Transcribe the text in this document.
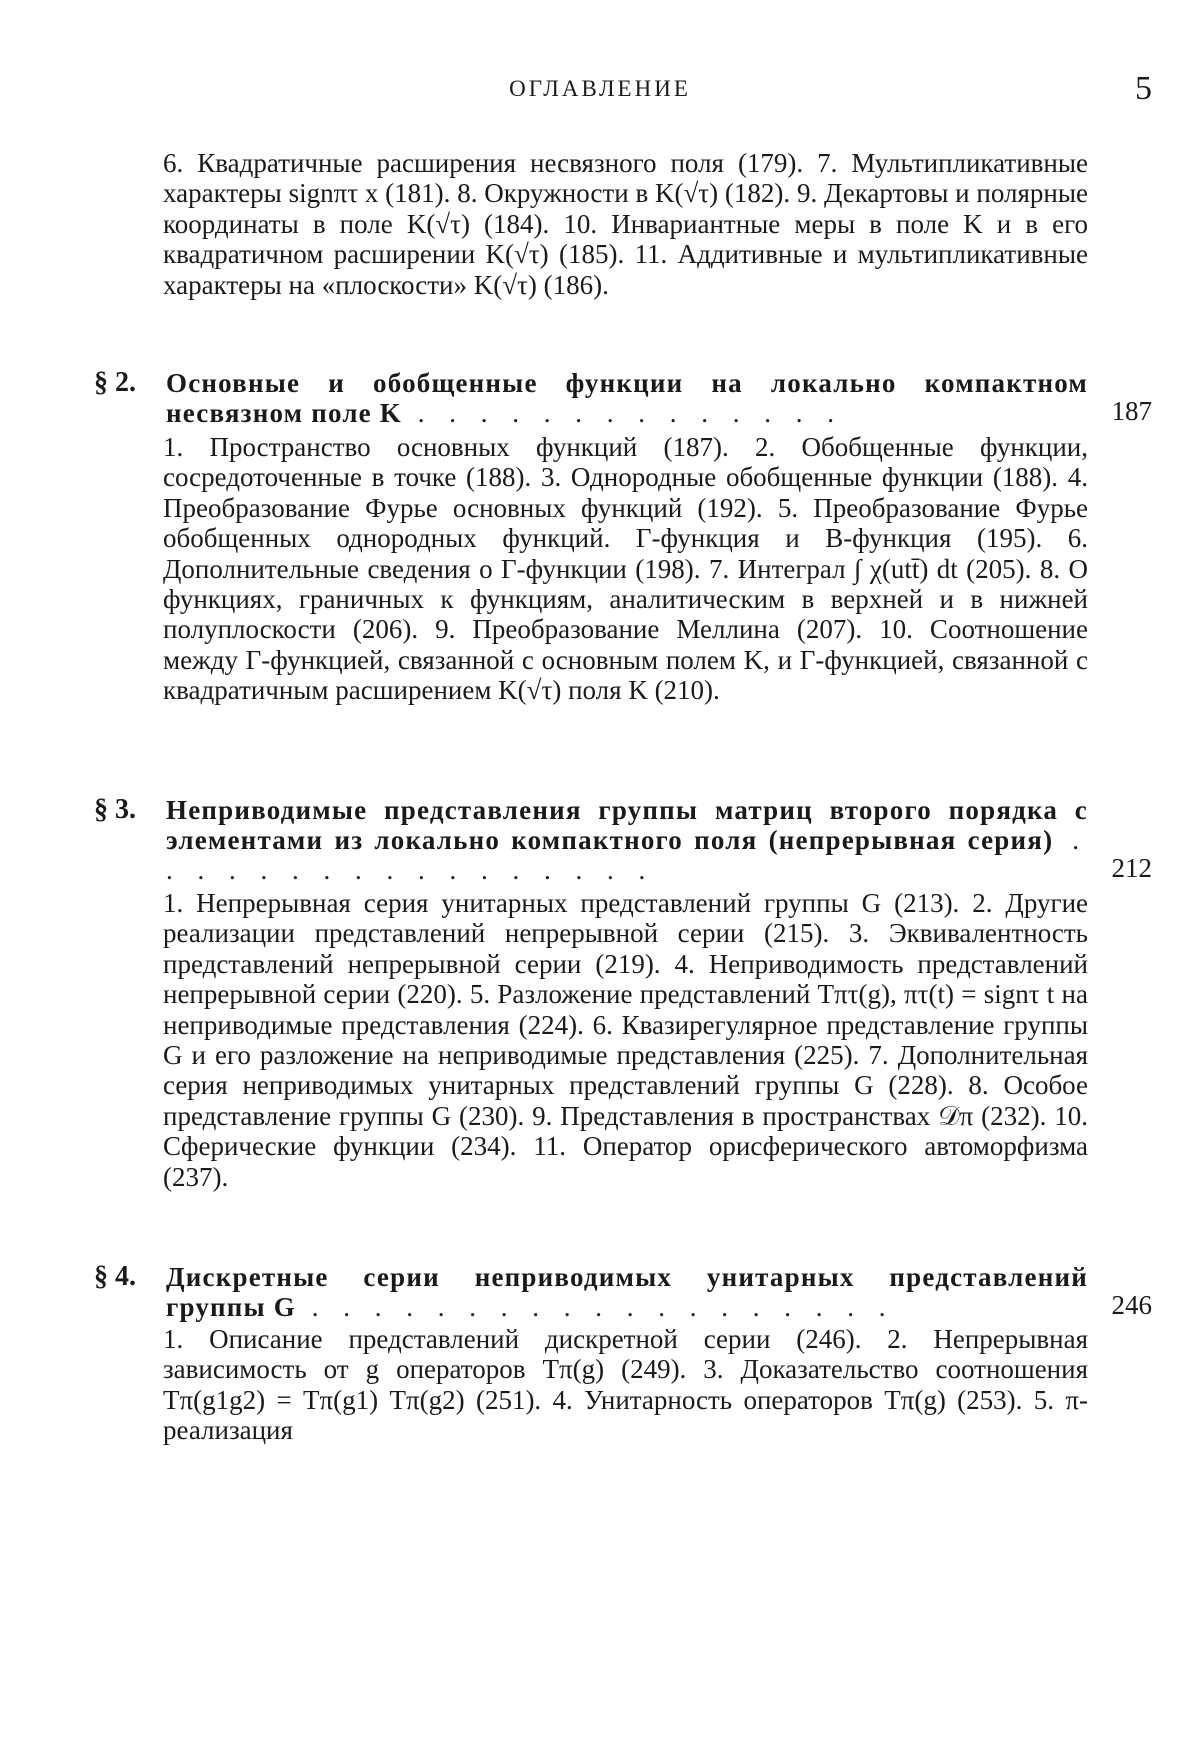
ОГЛАВЛЕНИЕ	5
6. Квадратичные расширения несвязного поля (179). 7. Мультипликативные характеры signπτ x (181). 8. Окружности в K(√τ) (182). 9. Декартовы и полярные координаты в поле K(√τ) (184). 10. Инвариантные меры в поле K и в его квадратичном расширении K(√τ) (185). 11. Аддитивные и мультипликативные характеры на «плоскости» K(√τ) (186).
§ 2. Основные и обобщенные функции на локально компактном несвязном поле K . . . . . . . . . . . . . .	187
1. Пространство основных функций (187). 2. Обобщенные функции, сосредоточенные в точке (188). 3. Однородные обобщенные функции (188). 4. Преобразование Фурье основных функций (192). 5. Преобразование Фурье обобщенных однородных функций. Г-функция и В-функция (195). 6. Дополнительные сведения о Г-функции (198). 7. Интеграл ∫ χ(utt̄) dt (205). 8. О функциях, граничных к функциям, аналитическим в верхней и в нижней полуплоскости (206). 9. Преобразование Меллина (207). 10. Соотношение между Г-функцией, связанной с основным полем K, и Г-функцией, связанной с квадратичным расширением K(√τ) поля K (210).
§ 3. Неприводимые представления группы матриц второго порядка с элементами из локально компактного поля (непрерывная серия) . . . . . . . . . . . . . . . . .	212
1. Непрерывная серия унитарных представлений группы G (213). 2. Другие реализации представлений непрерывной серии (215). 3. Эквивалентность представлений непрерывной серии (219). 4. Неприводимость представлений непрерывной серии (220). 5. Разложение представлений Tπτ(g), πτ(t) = signτ t на неприводимые представления (224). 6. Квазирегулярное представление группы G и его разложение на неприводимые представления (225). 7. Дополнительная серия неприводимых унитарных представлений группы G (228). 8. Особое представление группы G (230). 9. Представления в пространствах 𝒟π (232). 10. Сферические функции (234). 11. Оператор орисферического автоморфизма (237).
§ 4. Дискретные серии неприводимых унитарных представлений группы G . . . . . . . . . . . . . . . . . . .	246
1. Описание представлений дискретной серии (246). 2. Непрерывная зависимость от g операторов Tπ(g) (249). 3. Доказательство соотношения Tπ(g1g2) = Tπ(g1) Tπ(g2) (251). 4. Унитарность операторов Tπ(g) (253). 5. π-реализация
